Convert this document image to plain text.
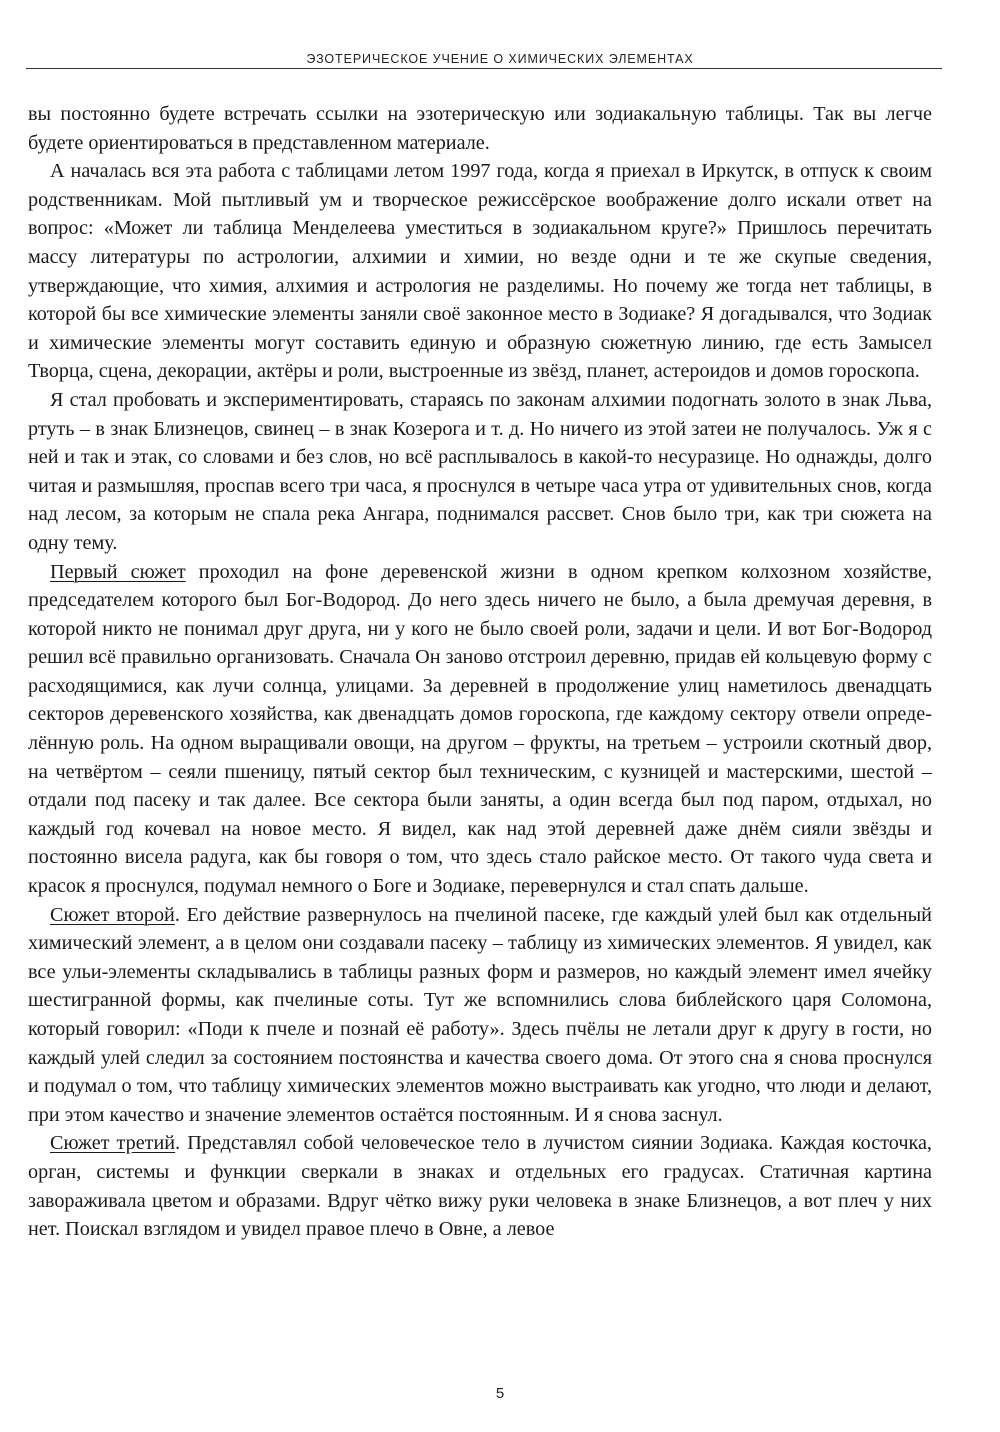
ЭЗОТЕРИЧЕСКОЕ УЧЕНИЕ О ХИМИЧЕСКИХ ЭЛЕМЕНТАХ

вы постоянно будете встречать ссылки на эзотерическую или зодиакальную таблицы. Так вы легче будете ориентироваться в представленном материале.

А началась вся эта работа с таблицами летом 1997 года, когда я приехал в Иркутск, в отпуск к своим родственникам. Мой пытливый ум и творческое режиссёрское воображение долго искали ответ на вопрос: «Может ли таблица Менделеева уместиться в зодиакальном круге?» Пришлось перечитать массу литературы по астрологии, алхимии и химии, но везде одни и те же скупые сведения, утверждающие, что химия, алхимия и астрология не разделимы. Но почему же тогда нет таблицы, в которой бы все химические элементы заняли своё законное место в Зодиаке? Я догадывался, что Зодиак и химические элементы могут составить единую и образную сюжетную линию, где есть Замысел Творца, сцена, декорации, актёры и роли, выстроенные из звёзд, планет, астероидов и домов гороскопа.

Я стал пробовать и экспериментировать, стараясь по законам алхимии подогнать золото в знак Льва, ртуть – в знак Близнецов, свинец – в знак Козерога и т. д. Но ничего из этой затеи не получалось. Уж я с ней и так и этак, со словами и без слов, но всё расплывалось в какой-то несуразице. Но однажды, долго читая и размышляя, проспав всего три часа, я проснулся в четыре часа утра от удивительных снов, когда над лесом, за которым не спала река Ангара, поднимался рассвет. Снов было три, как три сюжета на одну тему.

Первый сюжет проходил на фоне деревенской жизни в одном крепком колхозном хозяйстве, председателем которого был Бог-Водород. До него здесь ничего не было, а была дремучая деревня, в которой никто не понимал друг друга, ни у кого не было своей роли, задачи и цели. И вот Бог-Водород решил всё правильно организовать. Сначала Он заново отстроил деревню, придав ей кольцевую форму с расходящимися, как лучи солнца, улицами. За деревней в продолжение улиц наметилось двенадцать секторов деревенского хозяйства, как двенадцать домов гороскопа, где каждому сектору отвели определённую роль. На одном выращивали овощи, на другом – фрукты, на третьем – устроили скотный двор, на четвёртом – сеяли пшеницу, пятый сектор был техническим, с кузницей и мастерскими, шестой – отдали под пасеку и так далее. Все сектора были заняты, а один всегда был под паром, отдыхал, но каждый год кочевал на новое место. Я видел, как над этой деревней даже днём сияли звёзды и постоянно висела радуга, как бы говоря о том, что здесь стало райское место. От такого чуда света и красок я проснулся, подумал немного о Боге и Зодиаке, перевернулся и стал спать дальше.

Сюжет второй. Его действие развернулось на пчелиной пасеке, где каждый улей был как отдельный химический элемент, а в целом они создавали пасеку – таблицу из химических элементов. Я увидел, как все ульи-элементы складывались в таблицы разных форм и размеров, но каждый элемент имел ячейку шестигранной формы, как пчелиные соты. Тут же вспомнились слова библейского царя Соломона, который говорил: «Поди к пчеле и познай её работу». Здесь пчёлы не летали друг к другу в гости, но каждый улей следил за состоянием постоянства и качества своего дома. От этого сна я снова проснулся и подумал о том, что таблицу химических элементов можно выстраивать как угодно, что люди и делают, при этом качество и значение элементов остаётся постоянным. И я снова заснул.

Сюжет третий. Представлял собой человеческое тело в лучистом сиянии Зодиака. Каждая косточка, орган, системы и функции сверкали в знаках и отдельных его градусах. Статичная картина завораживала цветом и образами. Вдруг чётко вижу руки человека в знаке Близнецов, а вот плеч у них нет. Поискал взглядом и увидел правое плечо в Овне, а левое

5
